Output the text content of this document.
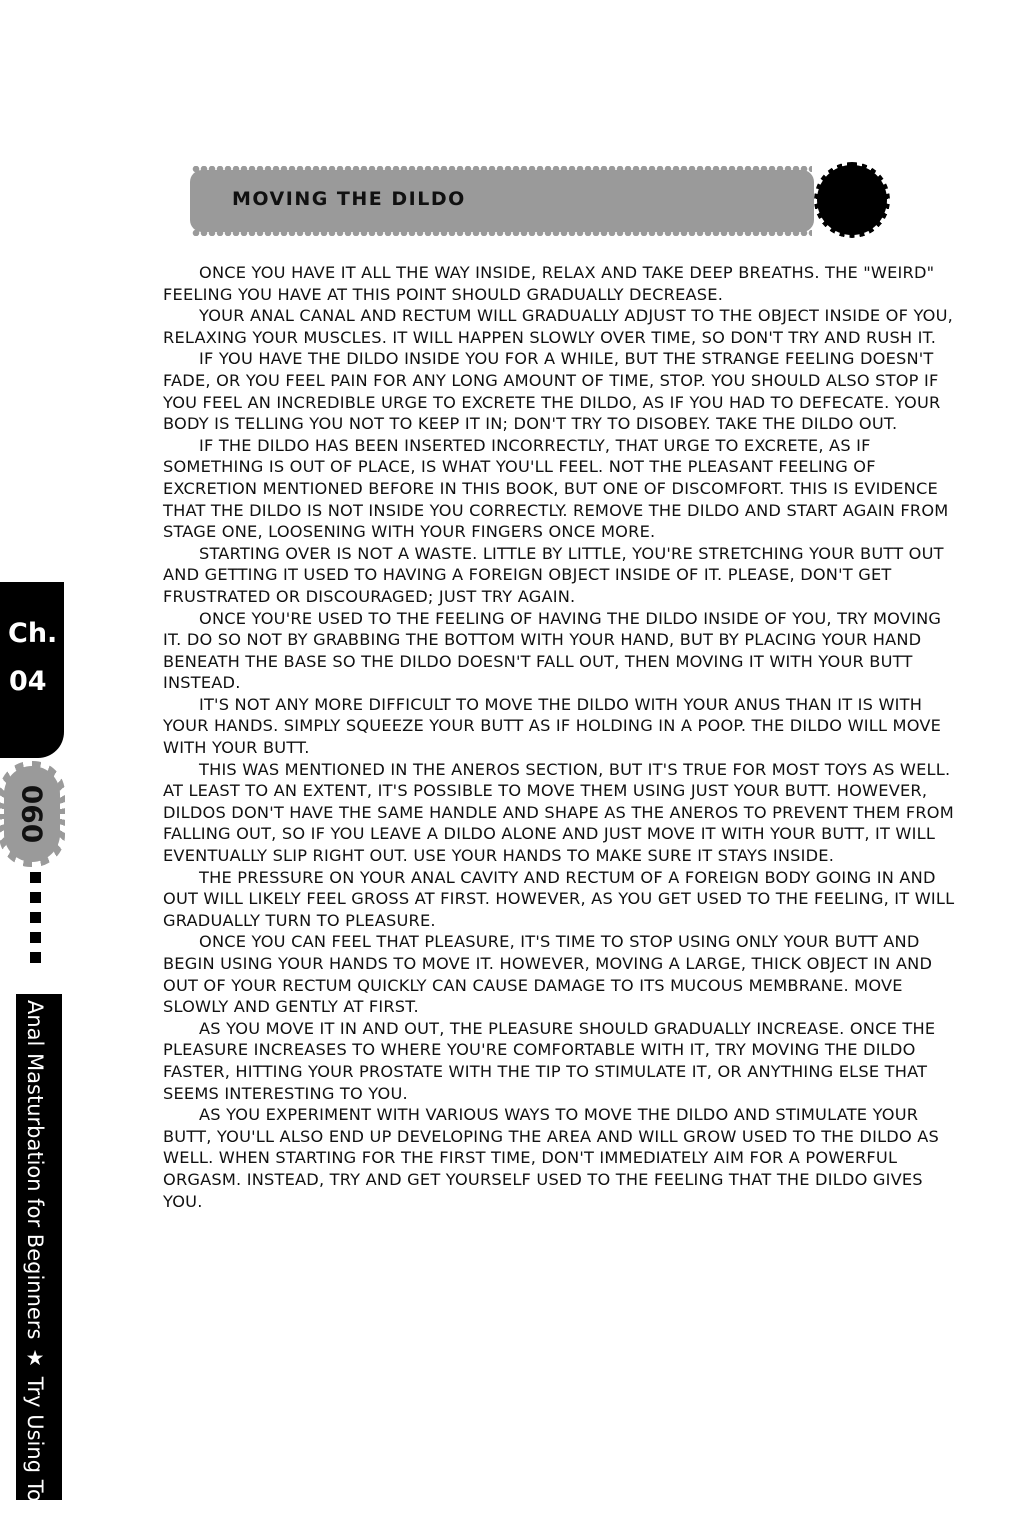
MOVING THE DILDO

ONCE YOU HAVE IT ALL THE WAY INSIDE, RELAX AND TAKE DEEP BREATHS. THE "WEIRD" FEELING YOU HAVE AT THIS POINT SHOULD GRADUALLY DECREASE.

YOUR ANAL CANAL AND RECTUM WILL GRADUALLY ADJUST TO THE OBJECT INSIDE OF YOU, RELAXING YOUR MUSCLES. IT WILL HAPPEN SLOWLY OVER TIME, SO DON'T TRY AND RUSH IT.

IF YOU HAVE THE DILDO INSIDE YOU FOR A WHILE, BUT THE STRANGE FEELING DOESN'T FADE, OR YOU FEEL PAIN FOR ANY LONG AMOUNT OF TIME, STOP. YOU SHOULD ALSO STOP IF YOU FEEL AN INCREDIBLE URGE TO EXCRETE THE DILDO, AS IF YOU HAD TO DEFECATE. YOUR BODY IS TELLING YOU NOT TO KEEP IT IN; DON'T TRY TO DISOBEY. TAKE THE DILDO OUT.

IF THE DILDO HAS BEEN INSERTED INCORRECTLY, THAT URGE TO EXCRETE, AS IF SOMETHING IS OUT OF PLACE, IS WHAT YOU'LL FEEL. NOT THE PLEASANT FEELING OF EXCRETION MENTIONED BEFORE IN THIS BOOK, BUT ONE OF DISCOMFORT. THIS IS EVIDENCE THAT THE DILDO IS NOT INSIDE YOU CORRECTLY. REMOVE THE DILDO AND START AGAIN FROM STAGE ONE, LOOSENING WITH YOUR FINGERS ONCE MORE.

STARTING OVER IS NOT A WASTE. LITTLE BY LITTLE, YOU'RE STRETCHING YOUR BUTT OUT AND GETTING IT USED TO HAVING A FOREIGN OBJECT INSIDE OF IT. PLEASE, DON'T GET FRUSTRATED OR DISCOURAGED; JUST TRY AGAIN.

ONCE YOU'RE USED TO THE FEELING OF HAVING THE DILDO INSIDE OF YOU, TRY MOVING IT. DO SO NOT BY GRABBING THE BOTTOM WITH YOUR HAND, BUT BY PLACING YOUR HAND BENEATH THE BASE SO THE DILDO DOESN'T FALL OUT, THEN MOVING IT WITH YOUR BUTT INSTEAD.

IT'S NOT ANY MORE DIFFICULT TO MOVE THE DILDO WITH YOUR ANUS THAN IT IS WITH YOUR HANDS. SIMPLY SQUEEZE YOUR BUTT AS IF HOLDING IN A POOP. THE DILDO WILL MOVE WITH YOUR BUTT.

THIS WAS MENTIONED IN THE ANEROS SECTION, BUT IT'S TRUE FOR MOST TOYS AS WELL. AT LEAST TO AN EXTENT, IT'S POSSIBLE TO MOVE THEM USING JUST YOUR BUTT. HOWEVER, DILDOS DON'T HAVE THE SAME HANDLE AND SHAPE AS THE ANEROS TO PREVENT THEM FROM FALLING OUT, SO IF YOU LEAVE A DILDO ALONE AND JUST MOVE IT WITH YOUR BUTT, IT WILL EVENTUALLY SLIP RIGHT OUT. USE YOUR HANDS TO MAKE SURE IT STAYS INSIDE.

THE PRESSURE ON YOUR ANAL CAVITY AND RECTUM OF A FOREIGN BODY GOING IN AND OUT WILL LIKELY FEEL GROSS AT FIRST. HOWEVER, AS YOU GET USED TO THE FEELING, IT WILL GRADUALLY TURN TO PLEASURE.

ONCE YOU CAN FEEL THAT PLEASURE, IT'S TIME TO STOP USING ONLY YOUR BUTT AND BEGIN USING YOUR HANDS TO MOVE IT. HOWEVER, MOVING A LARGE, THICK OBJECT IN AND OUT OF YOUR RECTUM QUICKLY CAN CAUSE DAMAGE TO ITS MUCOUS MEMBRANE. MOVE SLOWLY AND GENTLY AT FIRST.

AS YOU MOVE IT IN AND OUT, THE PLEASURE SHOULD GRADUALLY INCREASE. ONCE THE PLEASURE INCREASES TO WHERE YOU'RE COMFORTABLE WITH IT, TRY MOVING THE DILDO FASTER, HITTING YOUR PROSTATE WITH THE TIP TO STIMULATE IT, OR ANYTHING ELSE THAT SEEMS INTERESTING TO YOU.

AS YOU EXPERIMENT WITH VARIOUS WAYS TO MOVE THE DILDO AND STIMULATE YOUR BUTT, YOU'LL ALSO END UP DEVELOPING THE AREA AND WILL GROW USED TO THE DILDO AS WELL. WHEN STARTING FOR THE FIRST TIME, DON'T IMMEDIATELY AIM FOR A POWERFUL ORGASM. INSTEAD, TRY AND GET YOURSELF USED TO THE FEELING THAT THE DILDO GIVES YOU.

Ch.
04
060
Anal Masturbation for Beginners ★ Try Using Toys
